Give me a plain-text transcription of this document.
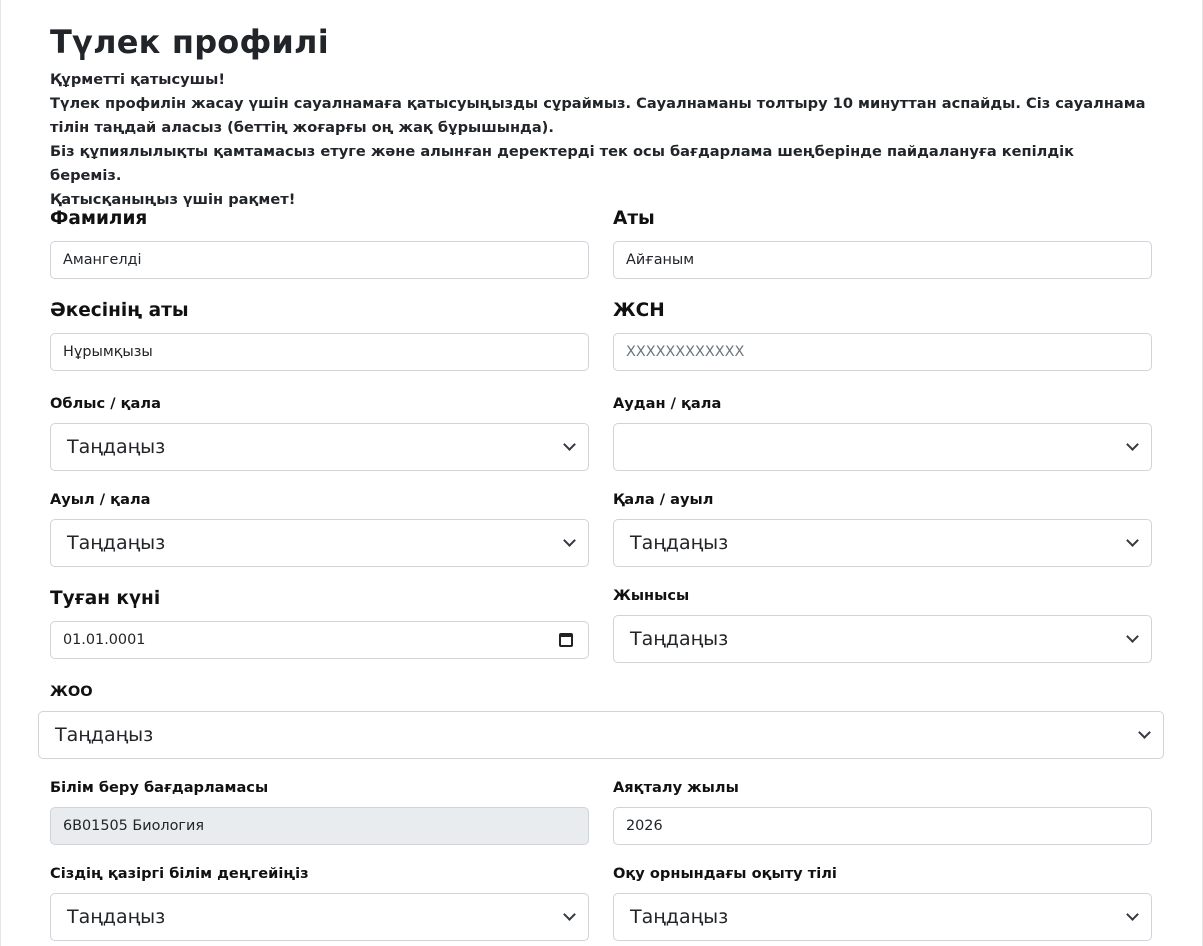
Түлек профилі

Құрметті қатысушы!

Түлек профилін жасау үшін сауалнамаға қатысуыңызды сұраймыз. Сауалнаманы толтыру 10 минуттан аспайды. Сіз сауалнама тілін таңдай аласыз (беттің жоғарғы оң жақ бұрышында).

Біз құпиялылықты қамтамасыз етуге және алынған деректерді тек осы бағдарлама шеңберінде пайдалануға кепілдік береміз.

Қатысқаныңыз үшін рақмет!

Фамилия
Амангелді
Аты
Айғаным
Әкесінің аты
Нұрымқызы
ЖСН
XXXXXXXXXXXX
Облыс / қала
Таңдаңыз
Аудан / қала
Ауыл / қала
Таңдаңыз
Қала / ауыл
Таңдаңыз
Туған күні
01.01.0001
Жынысы
Таңдаңыз
ЖОО
Таңдаңыз
Білім беру бағдарламасы
6В01505 Биология
Аяқталу жылы
2026
Сіздің қазіргі білім деңгейіңіз
Таңдаңыз
Оқу орнындағы оқыту тілі
Таңдаңыз
